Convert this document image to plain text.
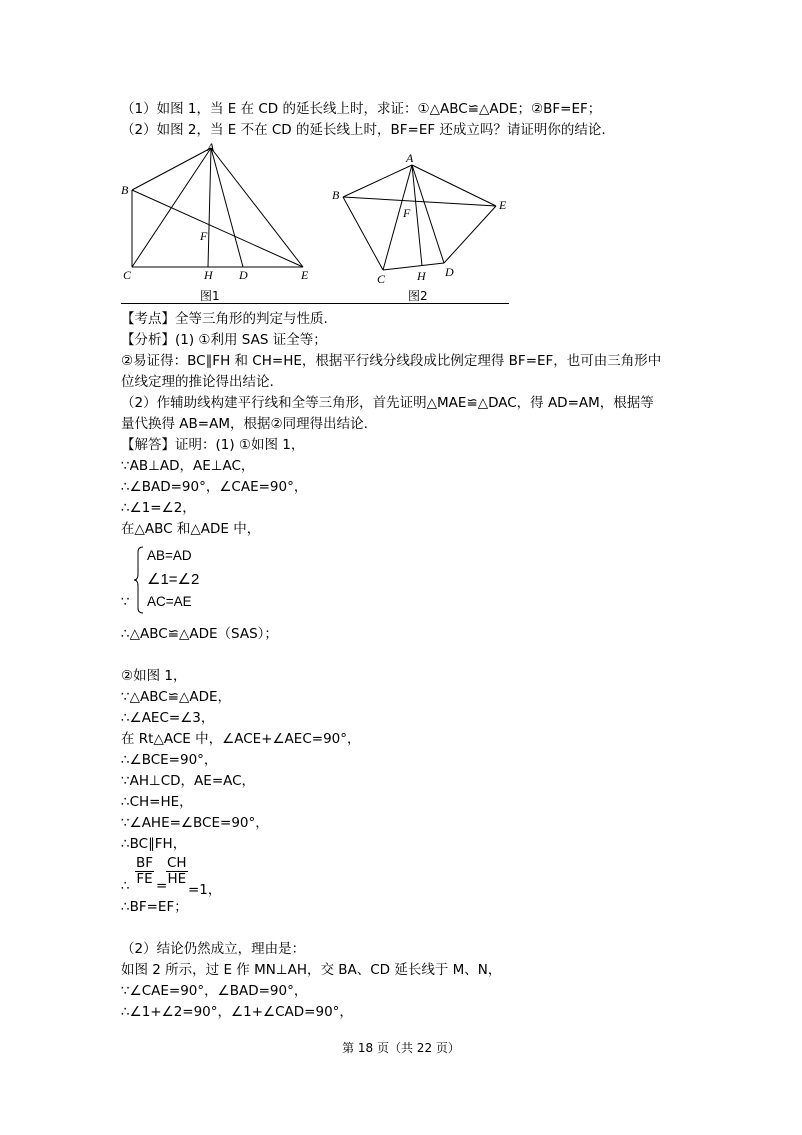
（1）如图 1，当 E 在 CD 的延长线上时，求证：①△ABC≌△ADE；②BF=EF；
（2）如图 2，当 E 不在 CD 的延长线上时，BF=EF 还成立吗？请证明你的结论.
A
B
F
C	H D	E
图1
A
B
E
F
C	H D
图2
【考点】全等三角形的判定与性质.
【分析】(1) ①利用 SAS 证全等；
②易证得：BC∥FH 和 CH=HE，根据平行线分线段成比例定理得 BF=EF，也可由三角形中
位线定理的推论得出结论.
（2）作辅助线构建平行线和全等三角形，首先证明△MAE≌△DAC，得 AD=AM，根据等
量代换得 AB=AM，根据②同理得出结论.
【解答】证明：(1) ①如图 1，
∵AB⊥AD，AE⊥AC，
∴∠BAD=90°，∠CAE=90°，
∴∠1=∠2，
在△ABC 和△ADE 中，
∵
AB=AD
∠1=∠2
AC=AE
∴△ABC≌△ADE（SAS）；
②如图 1，
∵△ABC≌△ADE，
∴∠AEC=∠3，
在 Rt△ACE 中，∠ACE+∠AEC=90°，
∴∠BCE=90°，
∵AH⊥CD，AE=AC，
∴CH=HE，
∵∠AHE=∠BCE=90°，
∴BC∥FH，
∴ $\frac{BF}{FE}$ =
$\frac{CH}{HE}$
=1，
∴BF=EF；
（2）结论仍然成立，理由是：
如图 2 所示，过 E 作 MN⊥AH，交 BA、CD 延长线于 M、N，
∵∠CAE=90°，∠BAD=90°，
∴∠1+∠2=90°，∠1+∠CAD=90°，
第 18 页（共 22 页）
